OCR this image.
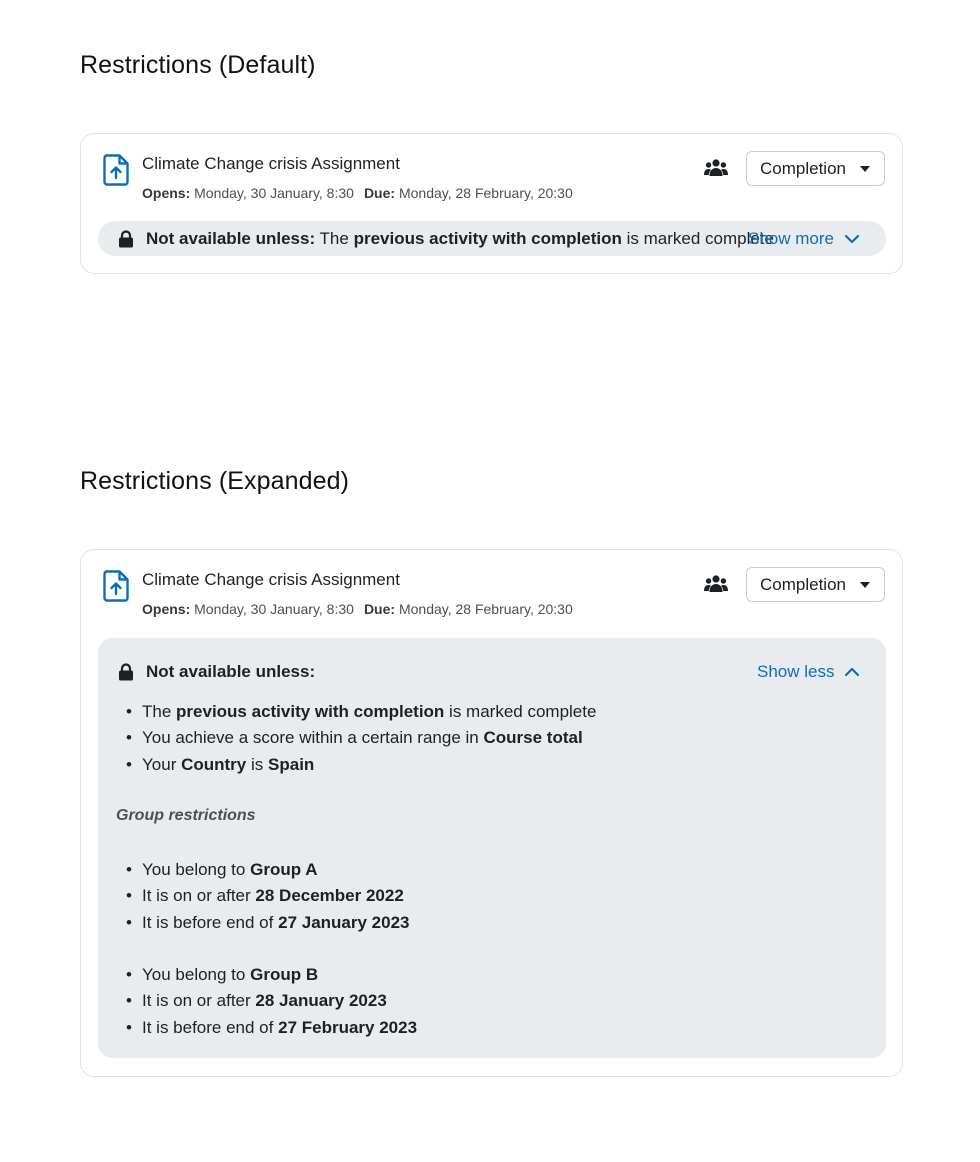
Restrictions (Default)
Climate Change crisis Assignment
Opens: Monday, 30 January, 8:30 Due: Monday, 28 February, 20:30
Completion
Not available unless: The previous activity with completion is marked complete
Show more
Restrictions (Expanded)
Climate Change crisis Assignment
Opens: Monday, 30 January, 8:30 Due: Monday, 28 February, 20:30
Completion
Not available unless:	Show less
• The previous activity with completion is marked complete
• You achieve a score within a certain range in Course total
• Your Country is Spain
Group restrictions
• You belong to Group A
• It is on or after 28 December 2022
• It is before end of 27 January 2023
• You belong to Group B
• It is on or after 28 January 2023
• It is before end of 27 February 2023
